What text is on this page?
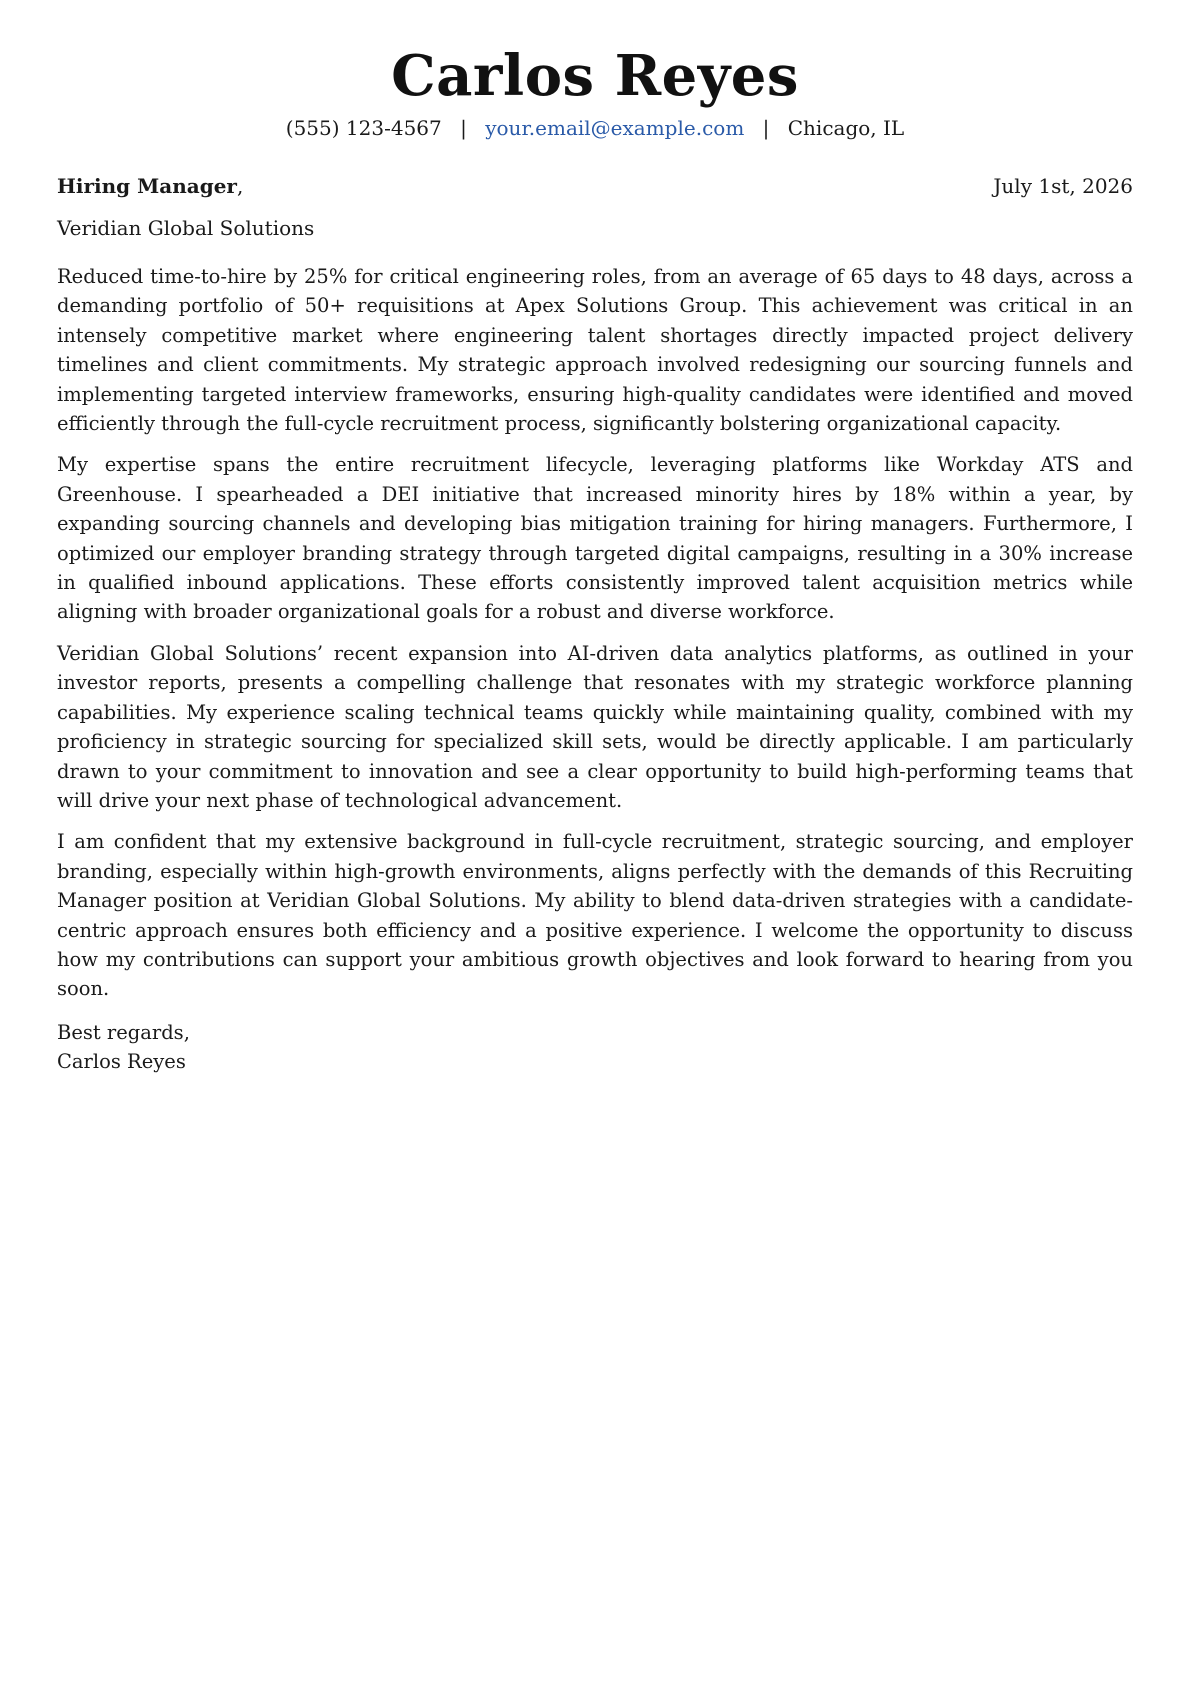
Carlos Reyes
(555) 123-4567 | your.email@example.com | Chicago, IL
Hiring Manager,	July 1st, 2026
Veridian Global Solutions

Reduced time-to-hire by 25% for critical engineering roles, from an average of 65 days to 48 days, across a demanding portfolio of 50+ requisitions at Apex Solutions Group. This achievement was critical in an intensely competitive market where engineering talent shortages directly impacted project delivery timelines and client commitments. My strategic approach involved redesigning our sourcing funnels and implementing targeted interview frameworks, ensuring high-quality candidates were identified and moved efficiently through the full-cycle recruitment process, significantly bolstering organizational capacity.

My expertise spans the entire recruitment lifecycle, leveraging platforms like Workday ATS and Greenhouse. I spearheaded a DEI initiative that increased minority hires by 18% within a year, by expanding sourcing channels and developing bias mitigation training for hiring managers. Furthermore, I optimized our employer branding strategy through targeted digital campaigns, resulting in a 30% increase in qualified inbound applications. These efforts consistently improved talent acquisition metrics while aligning with broader organizational goals for a robust and diverse workforce.

Veridian Global Solutions’ recent expansion into AI-driven data analytics platforms, as outlined in your investor reports, presents a compelling challenge that resonates with my strategic workforce planning capabilities. My experience scaling technical teams quickly while maintaining quality, combined with my proficiency in strategic sourcing for specialized skill sets, would be directly applicable. I am particularly drawn to your commitment to innovation and see a clear opportunity to build high-performing teams that will drive your next phase of technological advancement.

I am confident that my extensive background in full-cycle recruitment, strategic sourcing, and employer branding, especially within high-growth environments, aligns perfectly with the demands of this Recruiting Manager position at Veridian Global Solutions. My ability to blend data-driven strategies with a candidate-centric approach ensures both efficiency and a positive experience. I welcome the opportunity to discuss how my contributions can support your ambitious growth objectives and look forward to hearing from you soon.

Best regards,
Carlos Reyes
